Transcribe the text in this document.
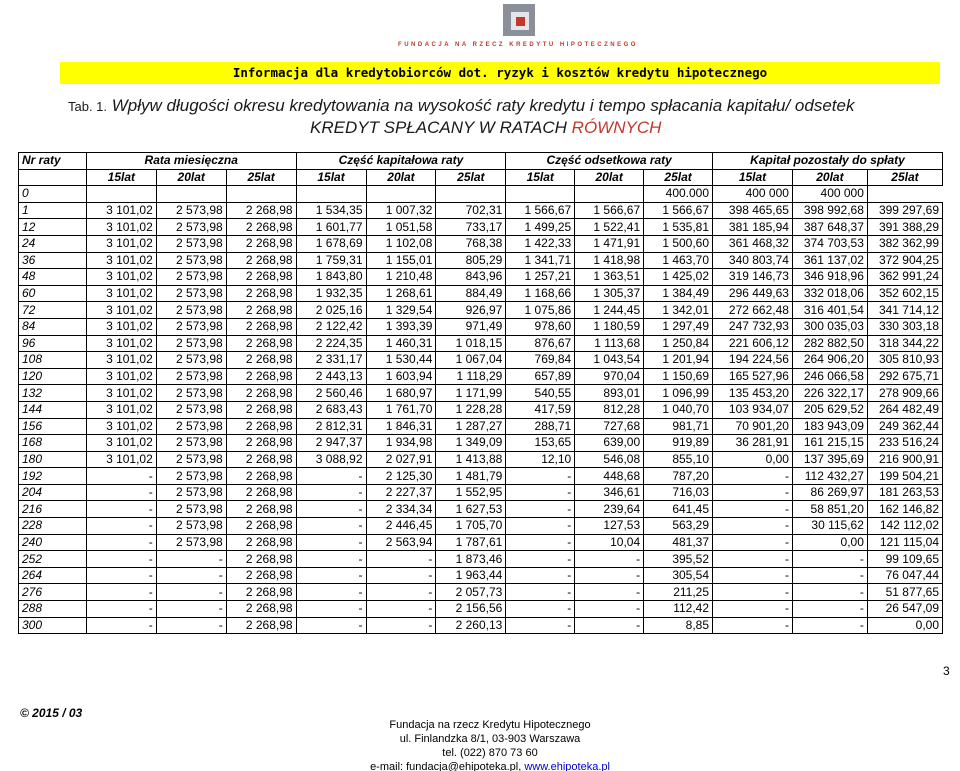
FUNDACJA NA RZECZ KREDYTU HIPOTECZNEGO
Informacja dla kredytobiorców dot. ryzyk i kosztów kredytu hipotecznego
Tab. 1. Wpływ długości okresu kredytowania na wysokość raty kredytu i tempo spłacania kapitału/ odsetek
KREDYT SPŁACANY W RATACH RÓWNYCH
Nr raty	Rata miesięczna			Część kapitałowa raty			Część odsetkowa raty			Kapitał pozostały do spłaty		
	15lat	20lat	25lat	15lat	20lat	25lat	15lat	20lat	25lat	15lat	20lat	25lat
0									400.000	400 000	400 000	
1	3 101,02	2 573,98	2 268,98	1 534,35	1 007,32	702,31	1 566,67	1 566,67	1 566,67	398 465,65	398 992,68	399 297,69
12	3 101,02	2 573,98	2 268,98	1 601,77	1 051,58	733,17	1 499,25	1 522,41	1 535,81	381 185,94	387 648,37	391 388,29
24	3 101,02	2 573,98	2 268,98	1 678,69	1 102,08	768,38	1 422,33	1 471,91	1 500,60	361 468,32	374 703,53	382 362,99
36	3 101,02	2 573,98	2 268,98	1 759,31	1 155,01	805,29	1 341,71	1 418,98	1 463,70	340 803,74	361 137,02	372 904,25
48	3 101,02	2 573,98	2 268,98	1 843,80	1 210,48	843,96	1 257,21	1 363,51	1 425,02	319 146,73	346 918,96	362 991,24
60	3 101,02	2 573,98	2 268,98	1 932,35	1 268,61	884,49	1 168,66	1 305,37	1 384,49	296 449,63	332 018,06	352 602,15
72	3 101,02	2 573,98	2 268,98	2 025,16	1 329,54	926,97	1 075,86	1 244,45	1 342,01	272 662,48	316 401,54	341 714,12
84	3 101,02	2 573,98	2 268,98	2 122,42	1 393,39	971,49	978,60	1 180,59	1 297,49	247 732,93	300 035,03	330 303,18
96	3 101,02	2 573,98	2 268,98	2 224,35	1 460,31	1 018,15	876,67	1 113,68	1 250,84	221 606,12	282 882,50	318 344,22
108	3 101,02	2 573,98	2 268,98	2 331,17	1 530,44	1 067,04	769,84	1 043,54	1 201,94	194 224,56	264 906,20	305 810,93
120	3 101,02	2 573,98	2 268,98	2 443,13	1 603,94	1 118,29	657,89	970,04	1 150,69	165 527,96	246 066,58	292 675,71
132	3 101,02	2 573,98	2 268,98	2 560,46	1 680,97	1 171,99	540,55	893,01	1 096,99	135 453,20	226 322,17	278 909,66
144	3 101,02	2 573,98	2 268,98	2 683,43	1 761,70	1 228,28	417,59	812,28	1 040,70	103 934,07	205 629,52	264 482,49
156	3 101,02	2 573,98	2 268,98	2 812,31	1 846,31	1 287,27	288,71	727,68	981,71	70 901,20	183 943,09	249 362,44
168	3 101,02	2 573,98	2 268,98	2 947,37	1 934,98	1 349,09	153,65	639,00	919,89	36 281,91	161 215,15	233 516,24
180	3 101,02	2 573,98	2 268,98	3 088,92	2 027,91	1 413,88	12,10	546,08	855,10	0,00	137 395,69	216 900,91
192	-	2 573,98	2 268,98	-	2 125,30	1 481,79	-	448,68	787,20	-	112 432,27	199 504,21
204	-	2 573,98	2 268,98	-	2 227,37	1 552,95	-	346,61	716,03	-	86 269,97	181 263,53
216	-	2 573,98	2 268,98	-	2 334,34	1 627,53	-	239,64	641,45	-	58 851,20	162 146,82
228	-	2 573,98	2 268,98	-	2 446,45	1 705,70	-	127,53	563,29	-	30 115,62	142 112,02
240	-	2 573,98	2 268,98	-	2 563,94	1 787,61	-	10,04	481,37	-	0,00	121 115,04
252	-	-	2 268,98	-	-	1 873,46	-	-	395,52	-	-	99 109,65
264	-	-	2 268,98	-	-	1 963,44	-	-	305,54	-	-	76 047,44
276	-	-	2 268,98	-	-	2 057,73	-	-	211,25	-	-	51 877,65
288	-	-	2 268,98	-	-	2 156,56	-	-	112,42	-	-	26 547,09
300	-	-	2 268,98	-	-	2 260,13	-	-	8,85	-	-	0,00
3
© 2015 / 03
Fundacja na rzecz Kredytu Hipotecznego
ul. Finlandzka 8/1, 03-903 Warszawa
tel. (022) 870 73 60
e-mail: fundacja@ehipoteka.pl, www.ehipoteka.pl
